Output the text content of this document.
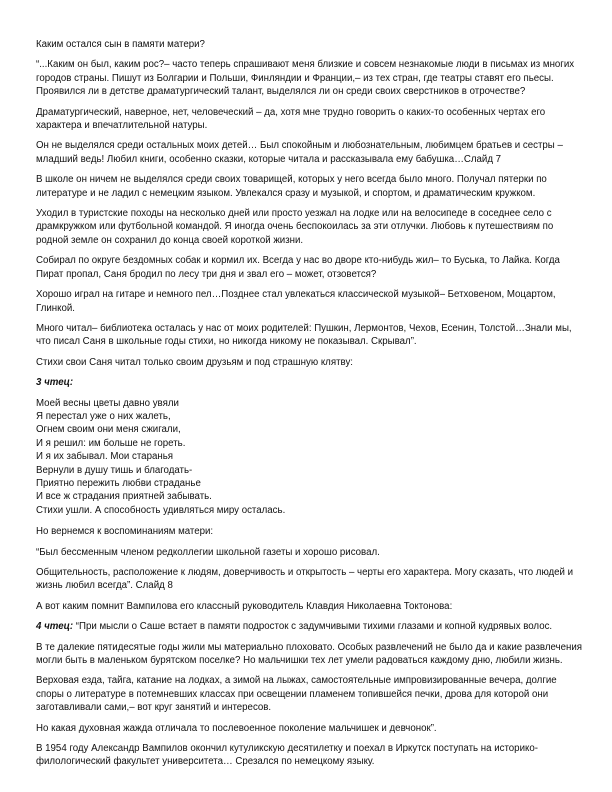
Каким остался сын в памяти матери?

“...Каким он был, каким рос?– часто теперь спрашивают меня близкие и совсем незнакомые люди в письмах из многих городов страны. Пишут из Болгарии и Польши, Финляндии и Франции,– из тех стран, где театры ставят его пьесы. Проявился ли в детстве драматургический талант, выделялся ли он среди своих сверстников в отрочестве?

Драматургический, наверное, нет, человеческий – да, хотя мне трудно говорить о каких-то особенных чертах его характера и впечатлительной натуры.

Он не выделялся среди остальных моих детей… Был спокойным и любознательным, любимцем братьев и сестры – младший ведь! Любил книги, особенно сказки, которые читала и рассказывала ему бабушка…Слайд 7

В школе он ничем не выделялся среди своих товарищей, которых у него всегда было много. Получал пятерки по литературе и не ладил с немецким языком. Увлекался сразу и музыкой, и спортом, и драматическим кружком.

Уходил в туристские походы на несколько дней или просто уезжал на лодке или на велосипеде в соседнее село с драмкружком или футбольной командой. Я иногда очень беспокоилась за эти отлучки. Любовь к путешествиям по родной земле он сохранил до конца своей короткой жизни.

Собирал по округе бездомных собак и кормил их. Всегда у нас во дворе кто-нибудь жил– то Буська, то Лайка. Когда Пират пропал, Саня бродил по лесу три дня и звал его – может, отзовется?

Хорошо играл на гитаре и немного пел…Позднее стал увлекаться классической музыкой– Бетховеном, Моцартом, Глинкой.

Много читал– библиотека осталась у нас от моих родителей: Пушкин, Лермонтов, Чехов, Есенин, Толстой…Знали мы, что писал Саня в школьные годы стихи, но никогда никому не показывал. Скрывал”.

Стихи свои Саня читал только своим друзьям и под страшную клятву:

3 чтец:

Моей весны цветы давно увяли
Я перестал уже о них жалеть,
Огнем своим они меня сжигали,
И я решил: им больше не гореть.
И я их забывал. Мои старанья
Вернули в душу тишь и благодать-
Приятно пережить любви страданье
И все ж страдания приятней забывать.
Стихи ушли. А способность удивляться миру осталась.

Но вернемся к воспоминаниям матери:

“Был бессменным членом редколлегии школьной газеты и хорошо рисовал.

Общительность, расположение к людям, доверчивость и открытость – черты его характера. Могу сказать, что людей и жизнь любил всегда”. Слайд 8

А вот каким помнит Вампилова его классный руководитель Клавдия Николаевна Токтонова:

4 чтец: “При мысли о Саше встает в памяти подросток с задумчивыми тихими глазами и копной кудрявых волос.

В те далекие пятидесятые годы жили мы материально плоховато. Особых развлечений не было да и какие развлечения могли быть в маленьком бурятском поселке? Но мальчишки тех лет умели радоваться каждому дню, любили жизнь.

Верховая езда, тайга, катание на лодках, а зимой на лыжах, самостоятельные импровизированные вечера, долгие споры о литературе в потемневших классах при освещении пламенем топившейся печки, дрова для которой они заготавливали сами,– вот круг занятий и интересов.

Но какая духовная жажда отличала то послевоенное поколение мальчишек и девчонок”.

В 1954 году Александр Вампилов окончил кутуликскую десятилетку и поехал в Иркутск поступать на историко-филологический факультет университета… Срезался по немецкому языку.
